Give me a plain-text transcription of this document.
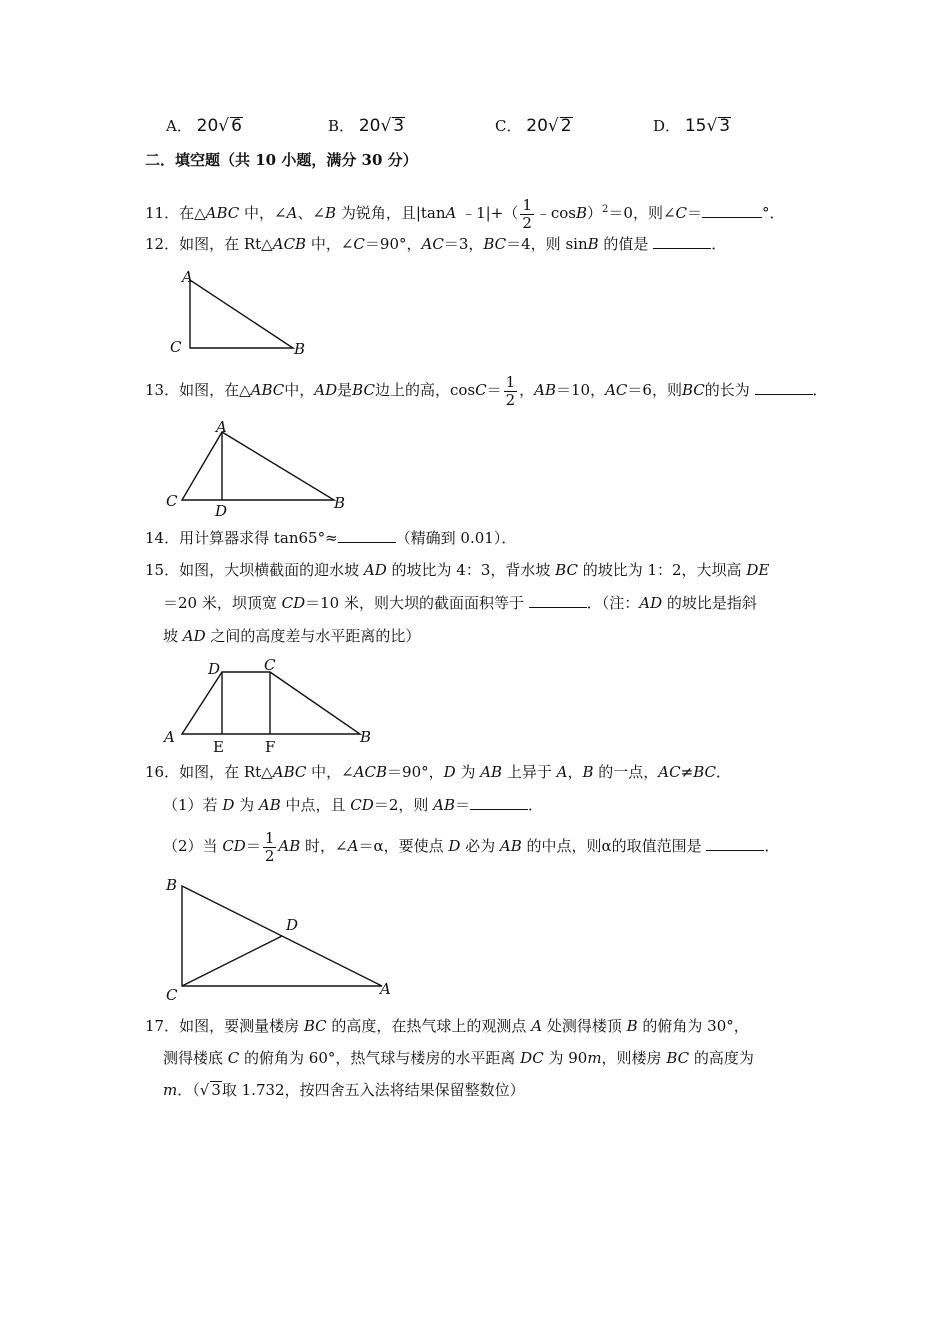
A． 20√ 6	B． 20√ 3	C． 20√ 2	D． 15√ 3
二．填空题（共 10 小题，满分 30 分）
11．在△ABC 中，∠A、∠B 为锐角，且|tanA ﹣1|+（ $\frac{1}{2}$ ﹣cosB）$^2$＝0，则∠C＝	°．
12．如图，在 Rt△ACB 中，∠C＝90°，AC＝3，BC＝4，则 sinB 的值是	．
A
C	B
13．如图，在△ABC中，AD是BC边上的高，$\cos C= \frac{1}{2}$ ，AB＝10，AC＝6，则BC的长为	．
A
C
D	B
14．用计算器求得 tan65°≈	（精确到 0.01）．
15．如图，大坝横截面的迎水坡 AD 的坡比为 4：3，背水坡 BC 的坡比为 1：2，大坝高 DE
＝20 米，坝顶宽 CD＝10 米，则大坝的截面面积等于	．（注：AD 的坡比是指斜
坡 AD 之间的高度差与水平距离的比）
A
D	C
B
E	F
16．如图，在 Rt△ABC 中，∠ACB＝90°，D 为 AB 上异于 A，B 的一点，AC≠BC．
（1）若 D 为 AB 中点，且 CD＝2，则 AB＝	．
（2）当 $CD= \frac{1}{2}$ AB 时，∠A＝α，要使点 D 必为 AB 的中点，则α的取值范围是	．
B
D
C	A
17．如图，要测量楼房 BC 的高度，在热气球上的观测点 A 处测得楼顶 B 的俯角为 30°，
测得楼底 C 的俯角为 60°，热气球与楼房的水平距离 DC 为 90m，则楼房 BC 的高度为
m．（√ 3取 1.732，按四舍五入法将结果保留整数位）
